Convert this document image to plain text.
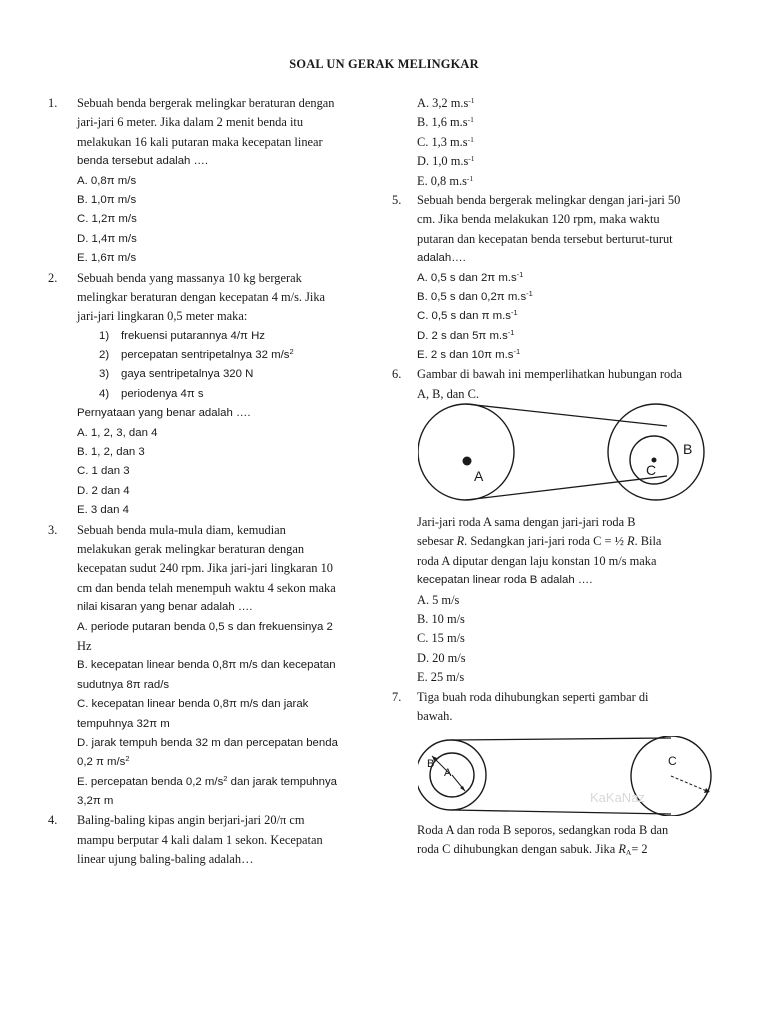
SOAL UN GERAK MELINGKAR
1. Sebuah benda bergerak melingkar beraturan dengan
jari-jari 6 meter. Jika dalam 2 menit benda itu
melakukan 16 kali putaran maka kecepatan linear
benda tersebut adalah ….
A. 0,8π m/s
B. 1,0π m/s
C. 1,2π m/s
D. 1,4π m/s
E. 1,6π m/s
2. Sebuah benda yang massanya 10 kg bergerak
melingkar beraturan dengan kecepatan 4 m/s. Jika
jari-jari lingkaran 0,5 meter maka:
1) frekuensi putarannya 4/π Hz
2) percepatan sentripetalnya 32 $m/s^2$
3) gaya sentripetalnya 320 N
4) periodenya 4π s
Pernyataan yang benar adalah ….
A. 1, 2, 3, dan 4
B. 1, 2, dan 3
C. 1 dan 3
D. 2 dan 4
E. 3 dan 4
3. Sebuah benda mula-mula diam, kemudian
melakukan gerak melingkar beraturan dengan
kecepatan sudut 240 rpm. Jika jari-jari lingkaran 10
cm dan benda telah menempuh waktu 4 sekon maka
nilai kisaran yang benar adalah ….
A. periode putaran benda 0,5 s dan frekuensinya 2
Hz
B. kecepatan linear benda 0,8π m/s dan kecepatan
sudutnya 8π rad/s
C. kecepatan linear benda 0,8π m/s dan jarak
tempuhnya 32π m
D. jarak tempuh benda 32 m dan percepatan benda
0,2 π $m/s^2$
E. percepatan benda 0,2 $m/s^2$ dan jarak tempuhnya
3,2π m
4. Baling-baling kipas angin berjari-jari 20/π cm
mampu berputar 4 kali dalam 1 sekon. Kecepatan
linear ujung baling-baling adalah…
A. 3,2 $m.s^{-1}$
B. 1,6 $m.s^{-1}$
C. 1,3 $m.s^{-1}$
D. 1,0 $m.s^{-1}$
E. 0,8 $m.s^{-1}$
5. Sebuah benda bergerak melingkar dengan jari-jari 50
cm. Jika benda melakukan 120 rpm, maka waktu
putaran dan kecepatan benda tersebut berturut-turut
adalah….
A. 0,5 s dan 2π $m.s^{-1}$
B. 0,5 s dan 0,2π $m.s^{-1}$
C. 0,5 s dan π $m.s^{-1}$
D. 2 s dan 5π $m.s^{-1}$
E. 2 s dan 10π $m.s^{-1}$
6. Gambar di bawah ini memperlihatkan hubungan roda
A, B, dan C.
A	C
B
Jari-jari roda A sama dengan jari-jari roda B
sebesar R. Sedangkan jari-jari roda C = ½ R. Bila
roda A diputar dengan laju konstan 10 m/s maka
kecepatan linear roda B adalah ….
A. 5 m/s
B. 10 m/s
C. 15 m/s
D. 20 m/s
E. 25 m/s
7. Tiga buah roda dihubungkan seperti gambar di
bawah.
B
A
C
KaKaNaz
Roda A dan roda B seporos, sedangkan roda B dan
roda C dihubungkan dengan sabuk. Jika $R_A= 2$
